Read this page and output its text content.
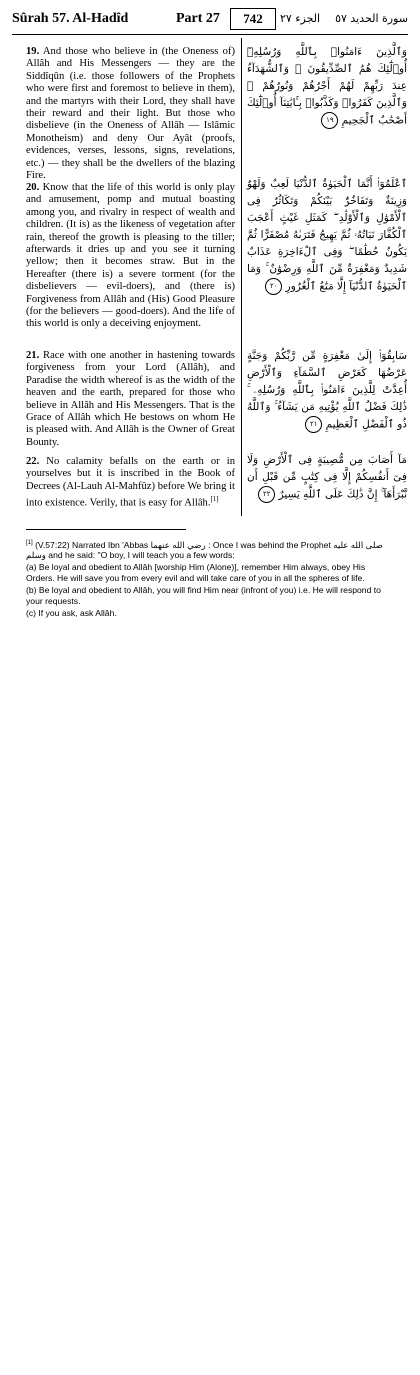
Sûrah 57. Al-Hadîd	Part 27	742	الجزء ٢٧ سورة الحديد ٥٧
19. And those who believe in (the Oneness of) Allâh and His Messengers — they are the Siddîqûn (i.e. those followers of the Prophets who were first and foremost to believe in them), and the martyrs with their Lord, they shall have their reward and their light. But those who disbelieve (in the Oneness of Allâh — Islâmic Monotheism) and deny Our Ayât (proofs, evidences, verses, lessons, signs, revelations, etc.) — they shall be the dwellers of the blazing Fire.
وَٱلَّذِينَ ءَامَنُوا۟ بِٱللَّهِ وَرُسُلِهِۦٓ أُو۟لَٰٓئِكَ هُمُ ٱلصِّدِّيقُونَ ۖ وَٱلشُّهَدَآءُ عِندَ رَبِّهِمْ لَهُمْ أَجْرُهُمْ وَنُورُهُمْ ۖ وَٱلَّذِينَ كَفَرُوا۟ وَكَذَّبُوا۟ بِـَٔايَٰتِنَآ أُو۟لَٰٓئِكَ أَصْحَٰبُ ٱلْجَحِيمِ ١٩
20. Know that the life of this world is only play and amusement, pomp and mutual boasting among you, and rivalry in respect of wealth and children. (It is) as the likeness of vegetation after rain, thereof the growth is pleasing to the tiller; afterwards it dries up and you see it turning yellow; then it becomes straw. But in the Hereafter (there is) a severe torment (for the disbelievers — evil-doers), and (there is) Forgiveness from Allâh and (His) Good Pleasure (for the believers — good-doers). And the life of this world is only a deceiving enjoyment.
ٱعْلَمُوٓا۟ أَنَّمَا ٱلْحَيَوٰةُ ٱلدُّنْيَا لَعِبٌ وَلَهْوٌ وَزِينَةٌ وَتَفَاخُرٌۢ بَيْنَكُمْ وَتَكَاثُرٌ فِى ٱلْأَمْوَٰلِ وَٱلْأَوْلَٰدِ ۖ كَمَثَلِ غَيْثٍ أَعْجَبَ ٱلْكُفَّارَ نَبَاتُهُۥ ثُمَّ يَهِيجُ فَتَرَىٰهُ مُصْفَرًّا ثُمَّ يَكُونُ حُطَٰمًا ۖ وَفِى ٱلْءَاخِرَةِ عَذَابٌ شَدِيدٌ وَمَغْفِرَةٌ مِّنَ ٱللَّهِ وَرِضْوَٰنٌ ۚ وَمَا ٱلْحَيَوٰةُ ٱلدُّنْيَآ إِلَّا مَتَٰعُ ٱلْغُرُورِ ٢٠
21. Race with one another in hastening towards forgiveness from your Lord (Allâh), and Paradise the width whereof is as the width of the heaven and the earth, prepared for those who believe in Allâh and His Messengers. That is the Grace of Allâh which He bestows on whom He is pleased with. And Allâh is the Owner of Great Bounty.
سَابِقُوٓا۟ إِلَىٰ مَغْفِرَةٍ مِّن رَّبِّكُمْ وَجَنَّةٍ عَرْضُهَا كَعَرْضِ ٱلسَّمَآءِ وَٱلْأَرْضِ أُعِدَّتْ لِلَّذِينَ ءَامَنُوا۟ بِٱللَّهِ وَرُسُلِهِۦ ۚ ذَٰلِكَ فَضْلُ ٱللَّهِ يُؤْتِيهِ مَن يَشَآءُ ۚ وَٱللَّهُ ذُو ٱلْفَضْلِ ٱلْعَظِيمِ ٢١
22. No calamity befalls on the earth or in yourselves but it is inscribed in the Book of Decrees (Al-Lauh Al-Mahfûz) before We bring it into existence. Verily, that is easy for Allâh.[1]
مَآ أَصَابَ مِن مُّصِيبَةٍ فِى ٱلْأَرْضِ وَلَا فِىٓ أَنفُسِكُمْ إِلَّا فِى كِتَٰبٍ مِّن قَبْلِ أَن نَّبْرَأَهَآ ۚ إِنَّ ذَٰلِكَ عَلَى ٱللَّهِ يَسِيرٌ ٢٢
[1] (V.57:22) Narrated Ibn 'Abbas رضي الله عنهما : Once I was behind the Prophet صلى الله عليه وسلم and he said: "O boy, I will teach you a few words:
(a) Be loyal and obedient to Allâh [worship Him (Alone)], remember Him always, obey His Orders. He will save you from every evil and will take care of you in all the spheres of life.
(b) Be loyal and obedient to Allâh, you will find Him near (infront of you) i.e. He will respond to your requests.
(c) If you ask, ask Allâh.
